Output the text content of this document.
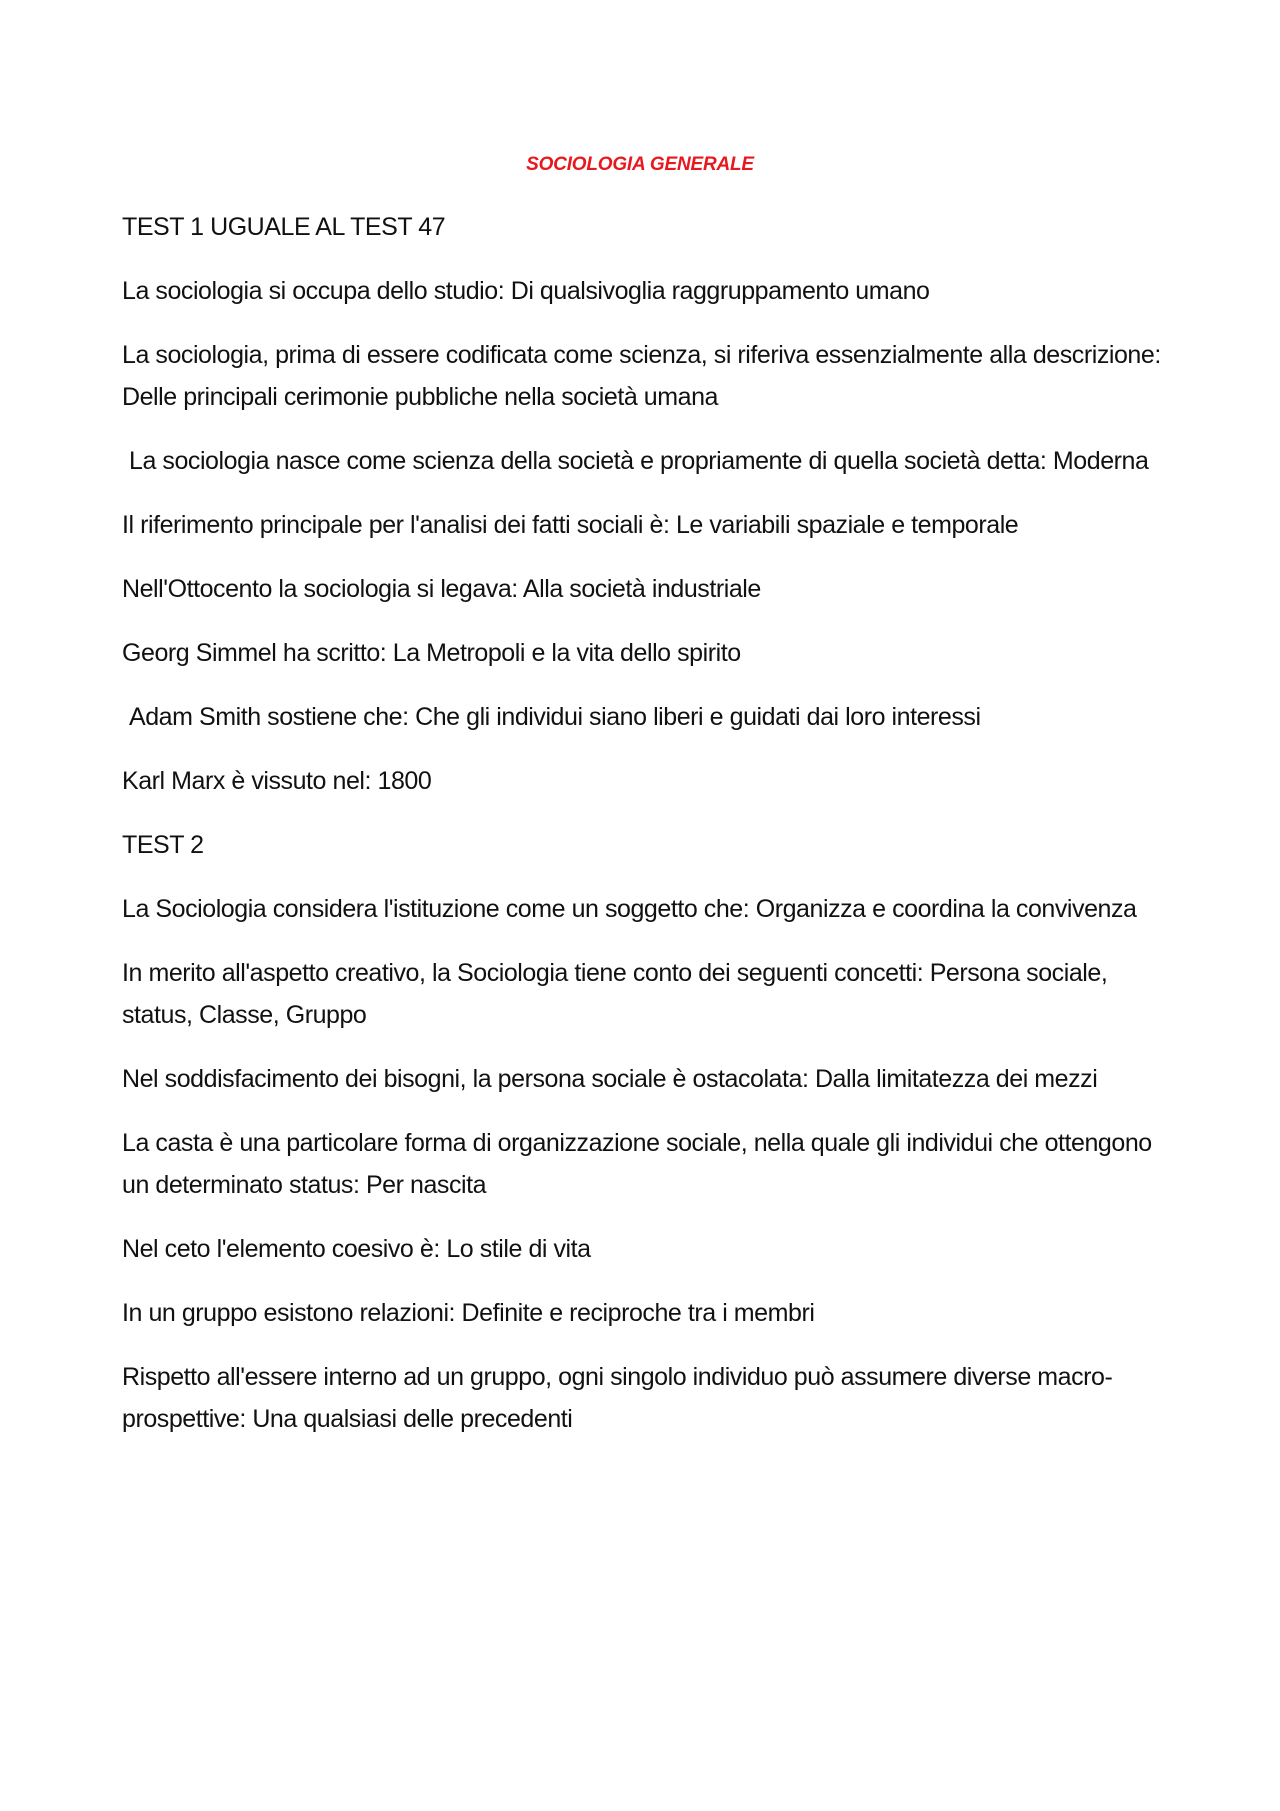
SOCIOLOGIA GENERALE

TEST 1 UGUALE AL TEST 47

La sociologia si occupa dello studio: Di qualsivoglia raggruppamento umano

La sociologia, prima di essere codificata come scienza, si riferiva essenzialmente alla descrizione: Delle principali cerimonie pubbliche nella società umana

La sociologia nasce come scienza della società e propriamente di quella società detta: Moderna

Il riferimento principale per l'analisi dei fatti sociali è: Le variabili spaziale e temporale

Nell'Ottocento la sociologia si legava: Alla società industriale

Georg Simmel ha scritto: La Metropoli e la vita dello spirito

Adam Smith sostiene che: Che gli individui siano liberi e guidati dai loro interessi

Karl Marx è vissuto nel: 1800

TEST 2

La Sociologia considera l'istituzione come un soggetto che: Organizza e coordina la convivenza

In merito all'aspetto creativo, la Sociologia tiene conto dei seguenti concetti: Persona sociale, status, Classe, Gruppo

Nel soddisfacimento dei bisogni, la persona sociale è ostacolata: Dalla limitatezza dei mezzi

La casta è una particolare forma di organizzazione sociale, nella quale gli individui che ottengono un determinato status: Per nascita

Nel ceto l'elemento coesivo è: Lo stile di vita

In un gruppo esistono relazioni: Definite e reciproche tra i membri

Rispetto all'essere interno ad un gruppo, ogni singolo individuo può assumere diverse macro-prospettive: Una qualsiasi delle precedenti
